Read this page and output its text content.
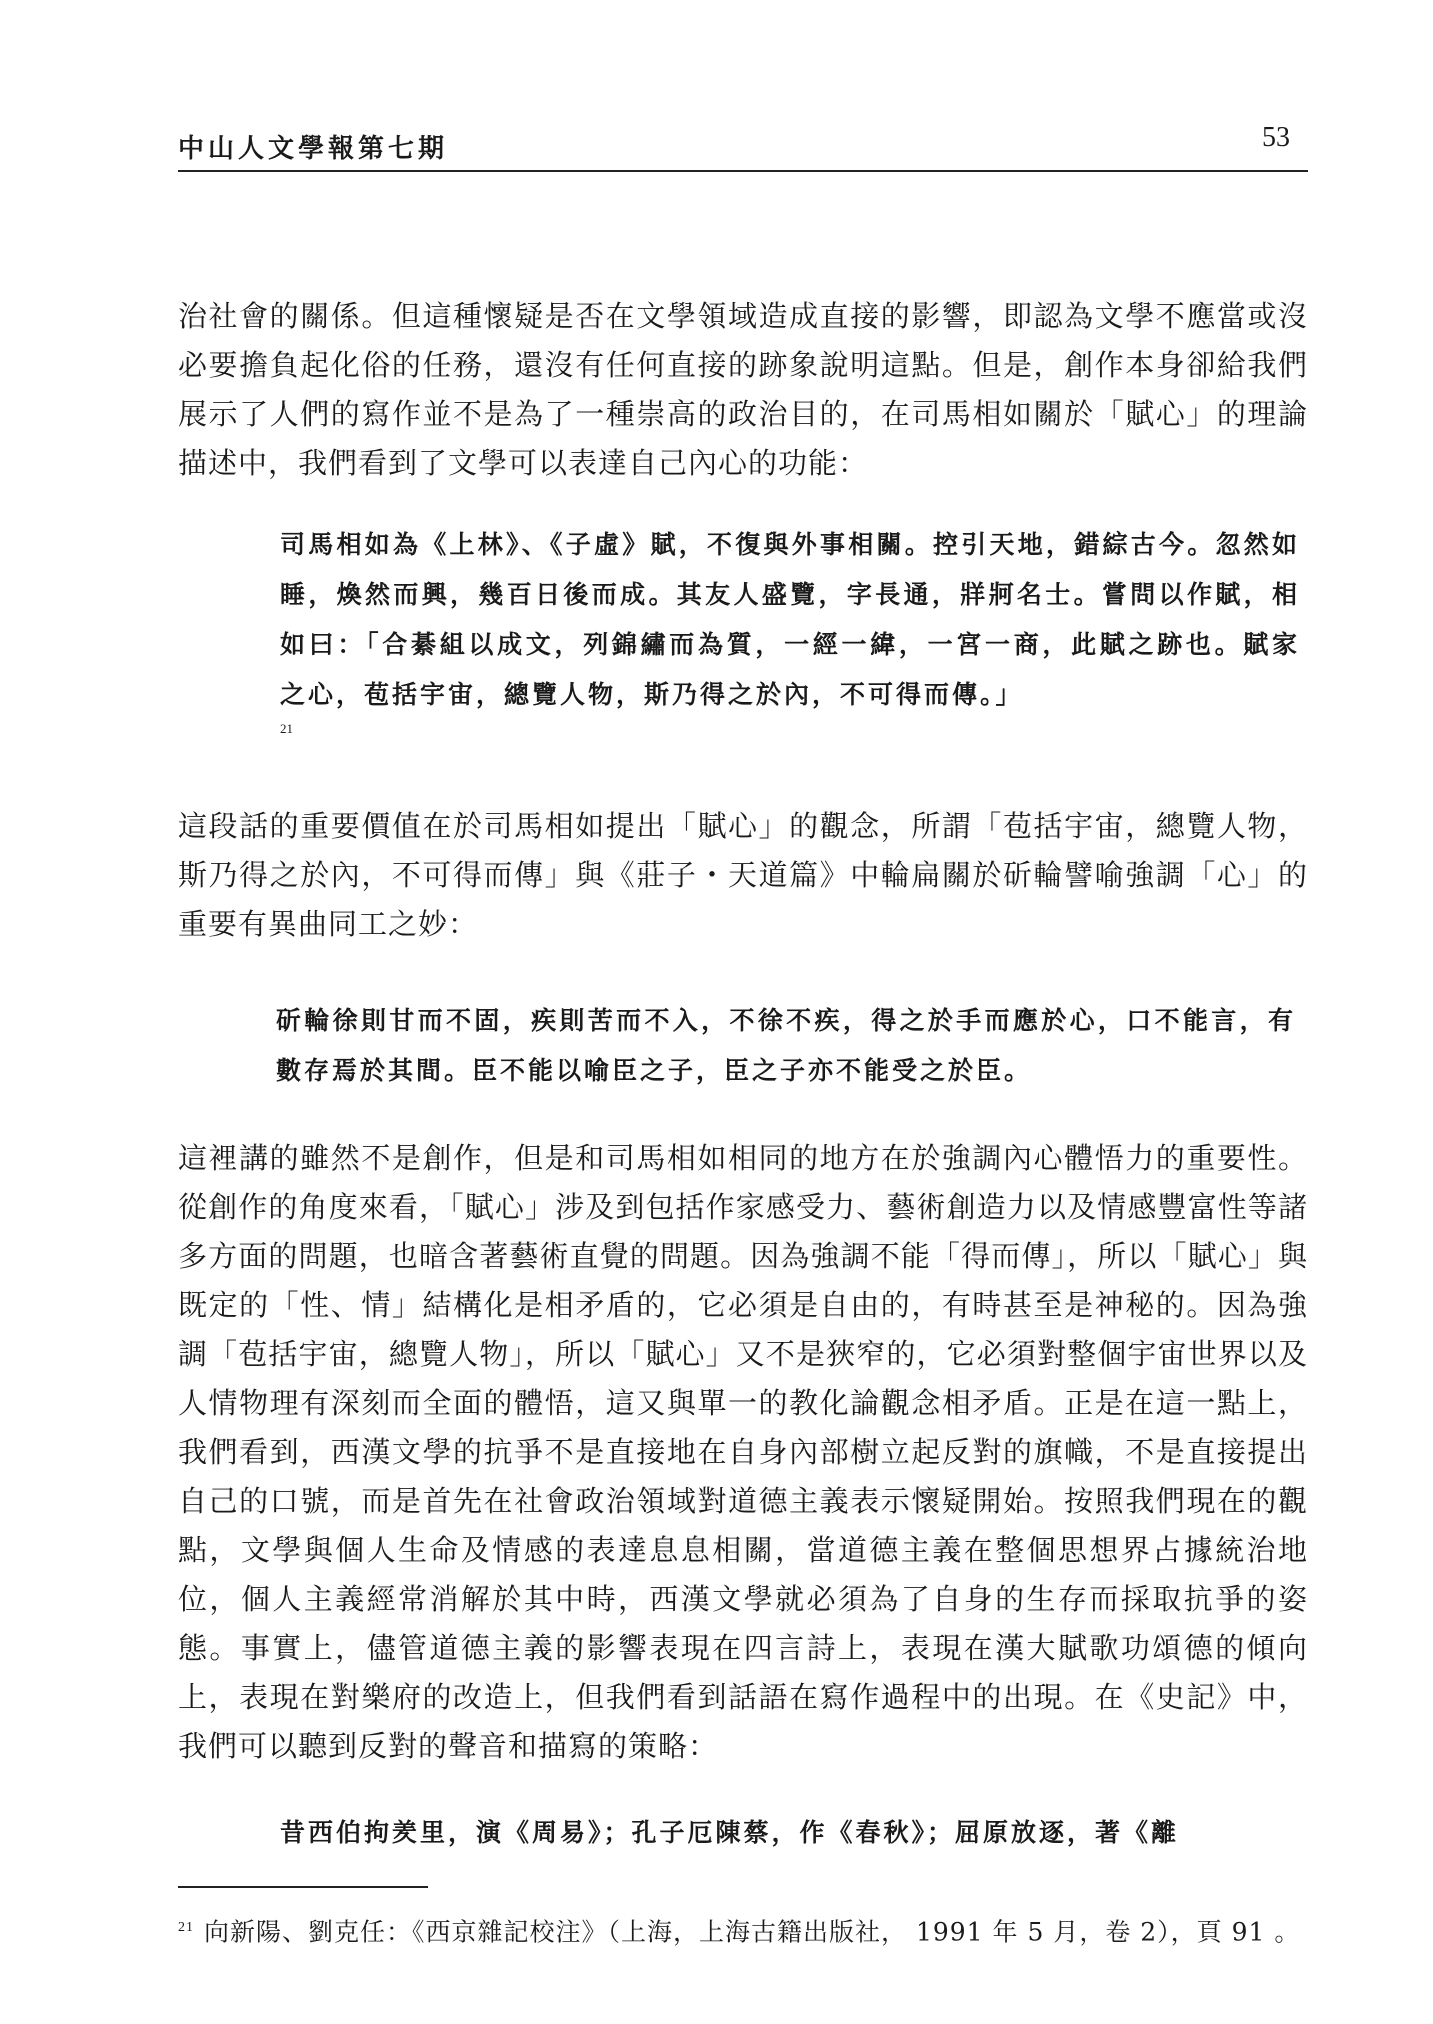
中山人文學報第七期	53

治社會的關係。但這種懷疑是否在文學領域造成直接的影響，即認為文學不應當或沒必要擔負起化俗的任務，還沒有任何直接的跡象說明這點。但是，創作本身卻給我們展示了人們的寫作並不是為了一種崇高的政治目的，在司馬相如關於「賦心」的理論描述中，我們看到了文學可以表達自己內心的功能：

司馬相如為《上林》、《子虛》賦，不復與外事相關。控引天地，錯綜古今。忽然如睡，煥然而興，幾百日後而成。其友人盛覽，字長通，牂牁名士。嘗問以作賦，相如曰：「合綦組以成文，列錦繡而為質，一經一緯，一宮一商，此賦之跡也。賦家之心，苞括宇宙，總覽人物，斯乃得之於內，不可得而傳。」
21

這段話的重要價值在於司馬相如提出「賦心」的觀念，所謂「苞括宇宙，總覽人物，斯乃得之於內，不可得而傳」與《莊子・天道篇》中輪扁關於斫輪譬喻強調「心」的重要有異曲同工之妙：

斫輪徐則甘而不固，疾則苦而不入，不徐不疾，得之於手而應於心，口不能言，有數存焉於其間。臣不能以喻臣之子，臣之子亦不能受之於臣。

這裡講的雖然不是創作，但是和司馬相如相同的地方在於強調內心體悟力的重要性。從創作的角度來看，「賦心」涉及到包括作家感受力、藝術創造力以及情感豐富性等諸多方面的問題，也暗含著藝術直覺的問題。因為強調不能「得而傳」，所以「賦心」與既定的「性、情」結構化是相矛盾的，它必須是自由的，有時甚至是神秘的。因為強調「苞括宇宙，總覽人物」，所以「賦心」又不是狹窄的，它必須對整個宇宙世界以及人情物理有深刻而全面的體悟，這又與單一的教化論觀念相矛盾。正是在這一點上，我們看到，西漢文學的抗爭不是直接地在自身內部樹立起反對的旗幟，不是直接提出自己的口號，而是首先在社會政治領域對道德主義表示懷疑開始。按照我們現在的觀點，文學與個人生命及情感的表達息息相關，當道德主義在整個思想界占據統治地位，個人主義經常消解於其中時，西漢文學就必須為了自身的生存而採取抗爭的姿態。事實上，儘管道德主義的影響表現在四言詩上，表現在漢大賦歌功頌德的傾向上，表現在對樂府的改造上，但我們看到話語在寫作過程中的出現。在《史記》中，我們可以聽到反對的聲音和描寫的策略：

昔西伯拘羑里，演《周易》；孔子厄陳蔡，作《春秋》；屈原放逐，著《離

$^{21}$ 向新陽、劉克任：《西京雜記校注》（上海，上海古籍出版社， 1991 年 5 月，卷 2），頁 91 。
